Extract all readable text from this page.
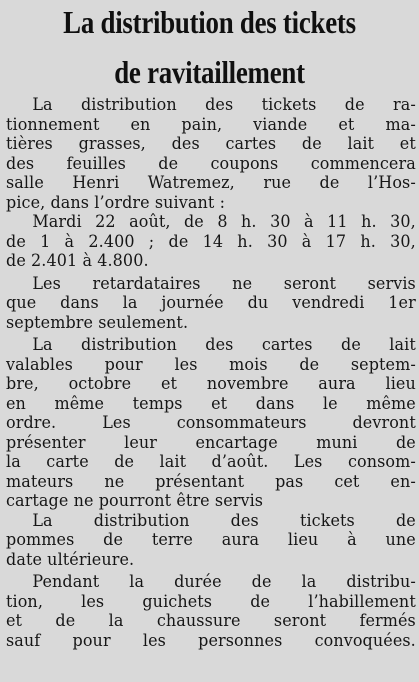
La distribution des tickets
de ravitaillement
La distribution des tickets de ra-
tionnement en pain, viande et ma-
tières grasses, des cartes de lait et
des feuilles de coupons commencera
salle Henri Watremez, rue de l’Hos-
pice, dans l’ordre suivant :
Mardi 22 août, de 8 h. 30 à 11 h. 30,
de 1 à 2.400 ; de 14 h. 30 à 17 h. 30,
de 2.401 à 4.800.
Les retardataires ne seront servis
que dans la journée du vendredi 1er
septembre seulement.
La distribution des cartes de lait
valables pour les mois de septem-
bre, octobre et novembre aura lieu
en même temps et dans le même
ordre. Les consommateurs devront
présenter leur encartage muni de
la carte de lait d’août. Les consom-
mateurs ne présentant pas cet en-
cartage ne pourront être servis
La distribution des tickets de
pommes de terre aura lieu à une
date ultérieure.
Pendant la durée de la distribu-
tion, les guichets de l’habillement
et de la chaussure seront fermés
sauf pour les personnes convoquées.
